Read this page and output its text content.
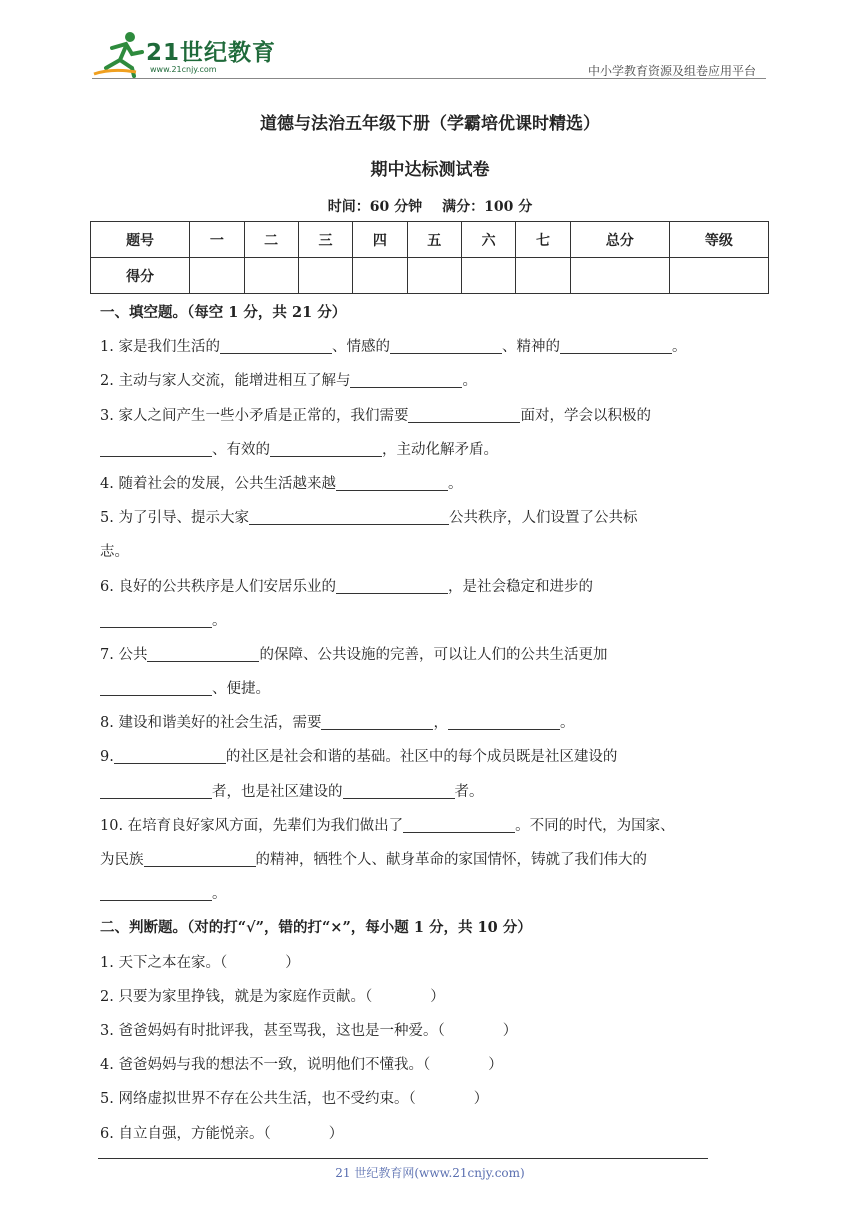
21世纪教育
www.21cnjy.com	中小学教育资源及组卷应用平台
道德与法治五年级下册（学霸培优课时精选）
期中达标测试卷
时间：60 分钟 满分：100 分
题号	一	二	三	四	五	六	七	总分	等级
得分									
一、填空题。（每空 1 分，共 21 分）
1. 家是我们生活的	、情感的	、精神的	。
2. 主动与家人交流，能增进相互了解与	。
3. 家人之间产生一些小矛盾是正常的，我们需要	面对，学会以积极的
、有效的	，主动化解矛盾。
4. 随着社会的发展，公共生活越来越	。
5. 为了引导、提示大家	公共秩序，人们设置了公共标
志。
6. 良好的公共秩序是人们安居乐业的	，是社会稳定和进步的
。
7. 公共	的保障、公共设施的完善，可以让人们的公共生活更加
、便捷。
8. 建设和谐美好的社会生活，需要	，	。
9.	的社区是社会和谐的基础。社区中的每个成员既是社区建设的
者，也是社区建设的	者。
10. 在培育良好家风方面，先辈们为我们做出了	。不同的时代，为国家、
为民族	的精神，牺牲个人、献身革命的家国情怀，铸就了我们伟大的
。
二、判断题。（对的打“√”，错的打“×”，每小题 1 分，共 10 分）
1. 天下之本在家。（	）
2. 只要为家里挣钱，就是为家庭作贡献。（	）
3. 爸爸妈妈有时批评我，甚至骂我，这也是一种爱。（	）
4. 爸爸妈妈与我的想法不一致，说明他们不懂我。（	）
5. 网络虚拟世界不存在公共生活，也不受约束。（	）
6. 自立自强，方能悦亲。（	）
21 世纪教育网(www.21cnjy.com)
